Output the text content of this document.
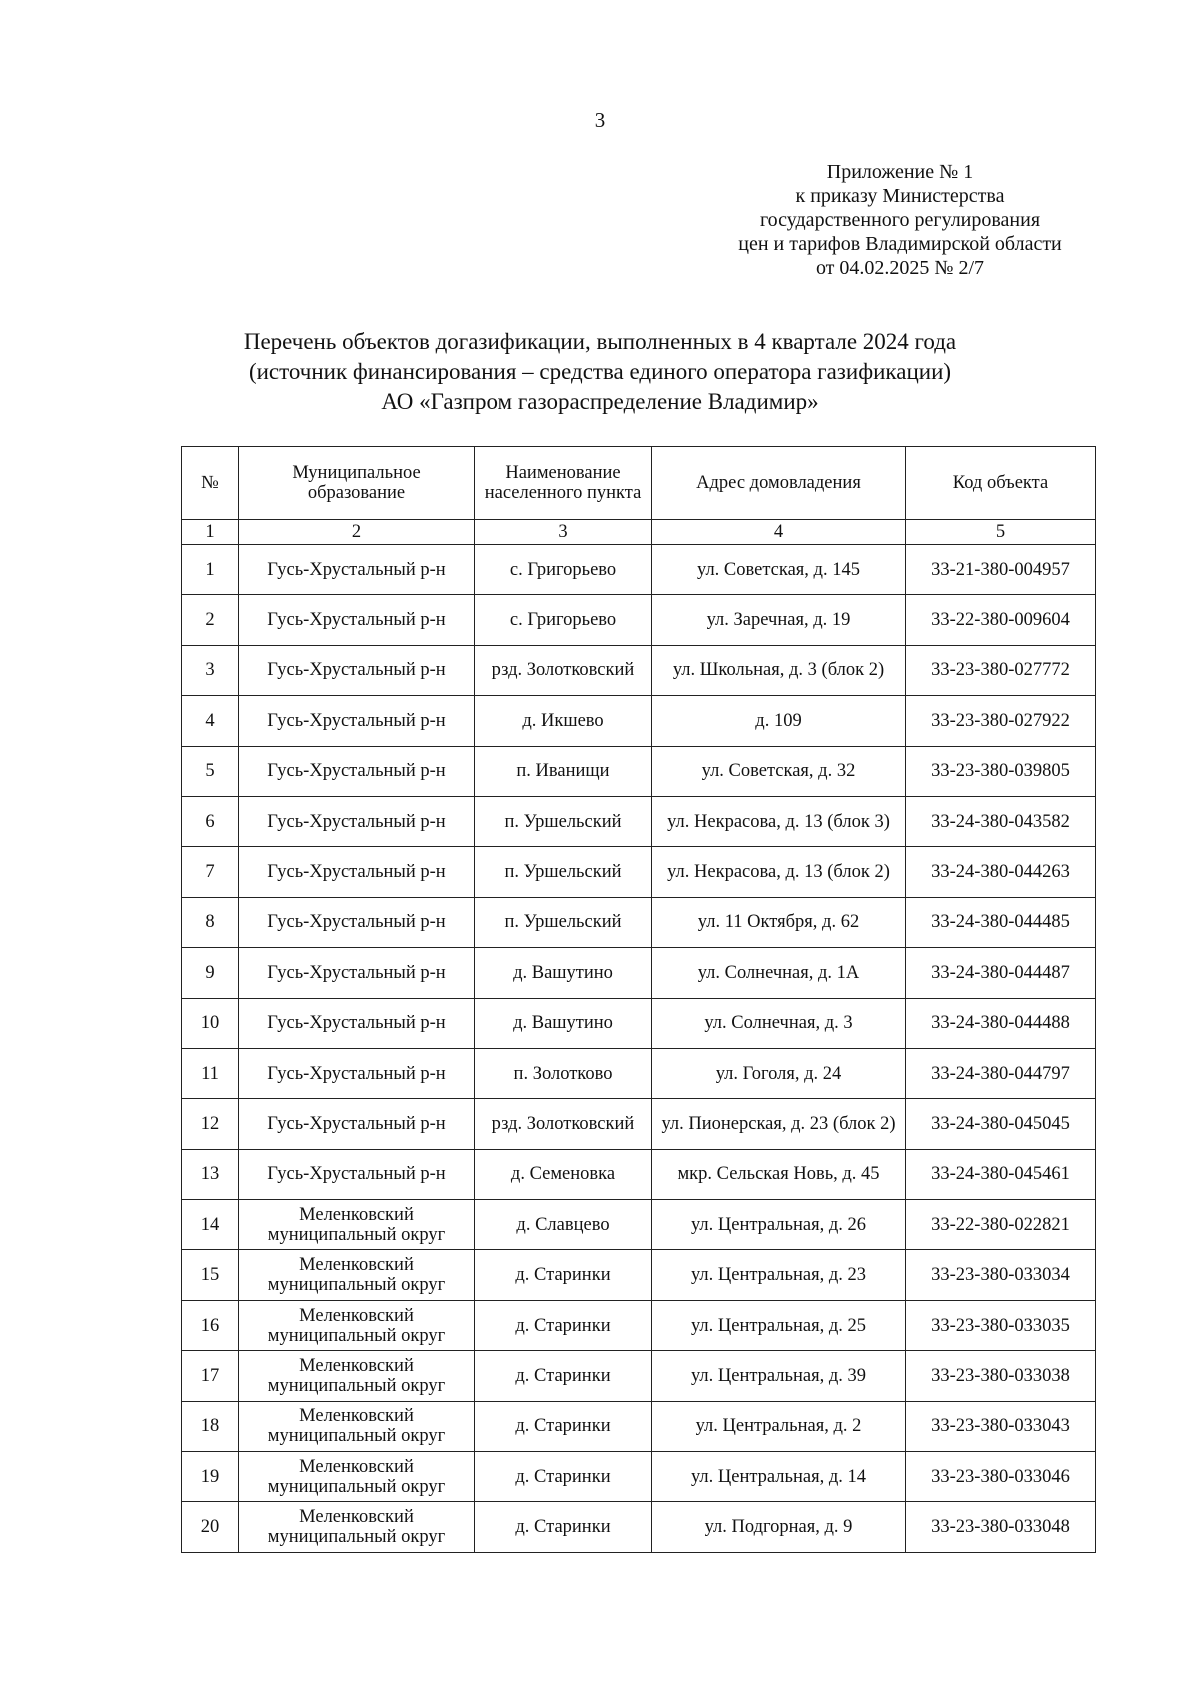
3
Приложение № 1
к приказу Министерства
государственного регулирования
цен и тарифов Владимирской области
от 04.02.2025 № 2/7
Перечень объектов догазификации, выполненных в 4 квартале 2024 года
(источник финансирования – средства единого оператора газификации)
АО «Газпром газораспределение Владимир»
№	Муниципальное образование	Наименование населенного пункта	Адрес домовладения	Код объекта
1	2	3	4	5
1	Гусь-Хрустальный р-н	с. Григорьево	ул. Советская, д. 145	33-21-380-004957
2	Гусь-Хрустальный р-н	с. Григорьево	ул. Заречная, д. 19	33-22-380-009604
3	Гусь-Хрустальный р-н	рзд. Золотковский	ул. Школьная, д. 3 (блок 2)	33-23-380-027772
4	Гусь-Хрустальный р-н	д. Икшево	д. 109	33-23-380-027922
5	Гусь-Хрустальный р-н	п. Иванищи	ул. Советская, д. 32	33-23-380-039805
6	Гусь-Хрустальный р-н	п. Уршельский	ул. Некрасова, д. 13 (блок 3)	33-24-380-043582
7	Гусь-Хрустальный р-н	п. Уршельский	ул. Некрасова, д. 13 (блок 2)	33-24-380-044263
8	Гусь-Хрустальный р-н	п. Уршельский	ул. 11 Октября, д. 62	33-24-380-044485
9	Гусь-Хрустальный р-н	д. Вашутино	ул. Солнечная, д. 1А	33-24-380-044487
10	Гусь-Хрустальный р-н	д. Вашутино	ул. Солнечная, д. 3	33-24-380-044488
11	Гусь-Хрустальный р-н	п. Золотково	ул. Гоголя, д. 24	33-24-380-044797
12	Гусь-Хрустальный р-н	рзд. Золотковский	ул. Пионерская, д. 23 (блок 2)	33-24-380-045045
13	Гусь-Хрустальный р-н	д. Семеновка	мкр. Сельская Новь, д. 45	33-24-380-045461
14	Меленковский муниципальный округ	д. Славцево	ул. Центральная, д. 26	33-22-380-022821
15	Меленковский муниципальный округ	д. Старинки	ул. Центральная, д. 23	33-23-380-033034
16	Меленковский муниципальный округ	д. Старинки	ул. Центральная, д. 25	33-23-380-033035
17	Меленковский муниципальный округ	д. Старинки	ул. Центральная, д. 39	33-23-380-033038
18	Меленковский муниципальный округ	д. Старинки	ул. Центральная, д. 2	33-23-380-033043
19	Меленковский муниципальный округ	д. Старинки	ул. Центральная, д. 14	33-23-380-033046
20	Меленковский муниципальный округ	д. Старинки	ул. Подгорная, д. 9	33-23-380-033048
